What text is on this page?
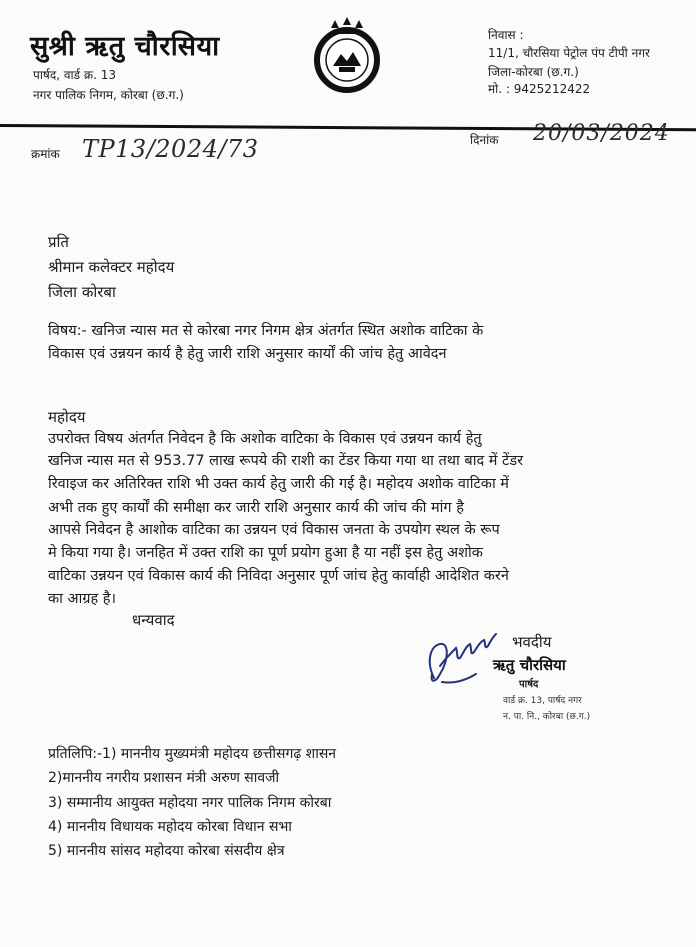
सुश्री ऋतु चौरसिया
पार्षद, वार्ड क्र. 13
नगर पालिक निगम, कोरबा (छ.ग.)
निवास :
11/1, चौरसिया पेट्रोल पंप टीपी नगर
जिला-कोरबा (छ.ग.)
मो. : 9425212422
क्रमांक TP13/2024/73	दिनांक 20/03/2024
प्रति
श्रीमान कलेक्टर महोदय
जिला कोरबा
विषय:- खनिज न्यास मत से कोरबा नगर निगम क्षेत्र अंतर्गत स्थित अशोक वाटिका के
विकास एवं उन्नयन कार्य है हेतु जारी राशि अनुसार कार्यों की जांच हेतु आवेदन
महोदय
उपरोक्त विषय अंतर्गत निवेदन है कि अशोक वाटिका के विकास एवं उन्नयन कार्य हेतु
खनिज न्यास मत से 953.77 लाख रूपये की राशी का टेंडर किया गया था तथा बाद में टेंडर
रिवाइज कर अतिरिक्त राशि भी उक्त कार्य हेतु जारी की गई है। महोदय अशोक वाटिका में
अभी तक हुए कार्यों की समीक्षा कर जारी राशि अनुसार कार्य की जांच की मांग है
आपसे निवेदन है आशोक वाटिका का उन्नयन एवं विकास जनता के उपयोग स्थल के रूप
मे किया गया है। जनहित में उक्त राशि का पूर्ण प्रयोग हुआ है या नहीं इस हेतु अशोक
वाटिका उन्नयन एवं विकास कार्य की निविदा अनुसार पूर्ण जांच हेतु कार्वाही आदेशित करने
का आग्रह है।
धन्यवाद
भवदीय
ऋतु चौरसिया
पार्षद
वार्ड क्र. 13, पार्षद नगर
न. पा. नि., कोरबा (छ.ग.)
प्रतिलिपि:-1) माननीय मुख्यमंत्री महोदय छत्तीसगढ़ शासन
2)माननीय नगरीय प्रशासन मंत्री अरुण सावजी
3) सम्मानीय आयुक्त महोदया नगर पालिक निगम कोरबा
4) माननीय विधायक महोदय कोरबा विधान सभा
5) माननीय सांसद महोदया कोरबा संसदीय क्षेत्र
